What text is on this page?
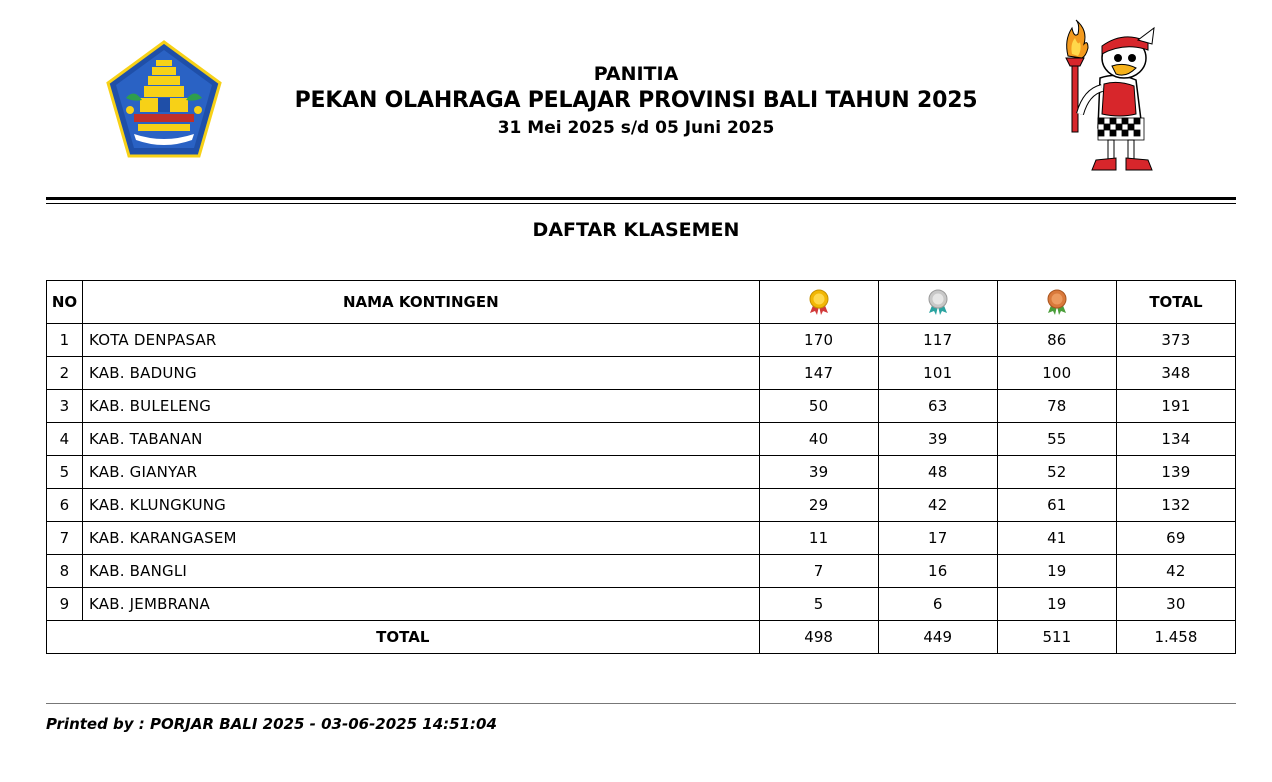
PANITIA
PEKAN OLAHRAGA PELAJAR PROVINSI BALI TAHUN 2025
31 Mei 2025 s/d 05 Juni 2025
DAFTAR KLASEMEN
NO	NAMA KONTINGEN				TOTAL
1	KOTA DENPASAR	170	117	86	373
2	KAB. BADUNG	147	101	100	348
3	KAB. BULELENG	50	63	78	191
4	KAB. TABANAN	40	39	55	134
5	KAB. GIANYAR	39	48	52	139
6	KAB. KLUNGKUNG	29	42	61	132
7	KAB. KARANGASEM	11	17	41	69
8	KAB. BANGLI	7	16	19	42
9	KAB. JEMBRANA	5	6	19	30
TOTAL		498	449	511	1.458
Printed by : PORJAR BALI 2025 - 03-06-2025 14:51:04
